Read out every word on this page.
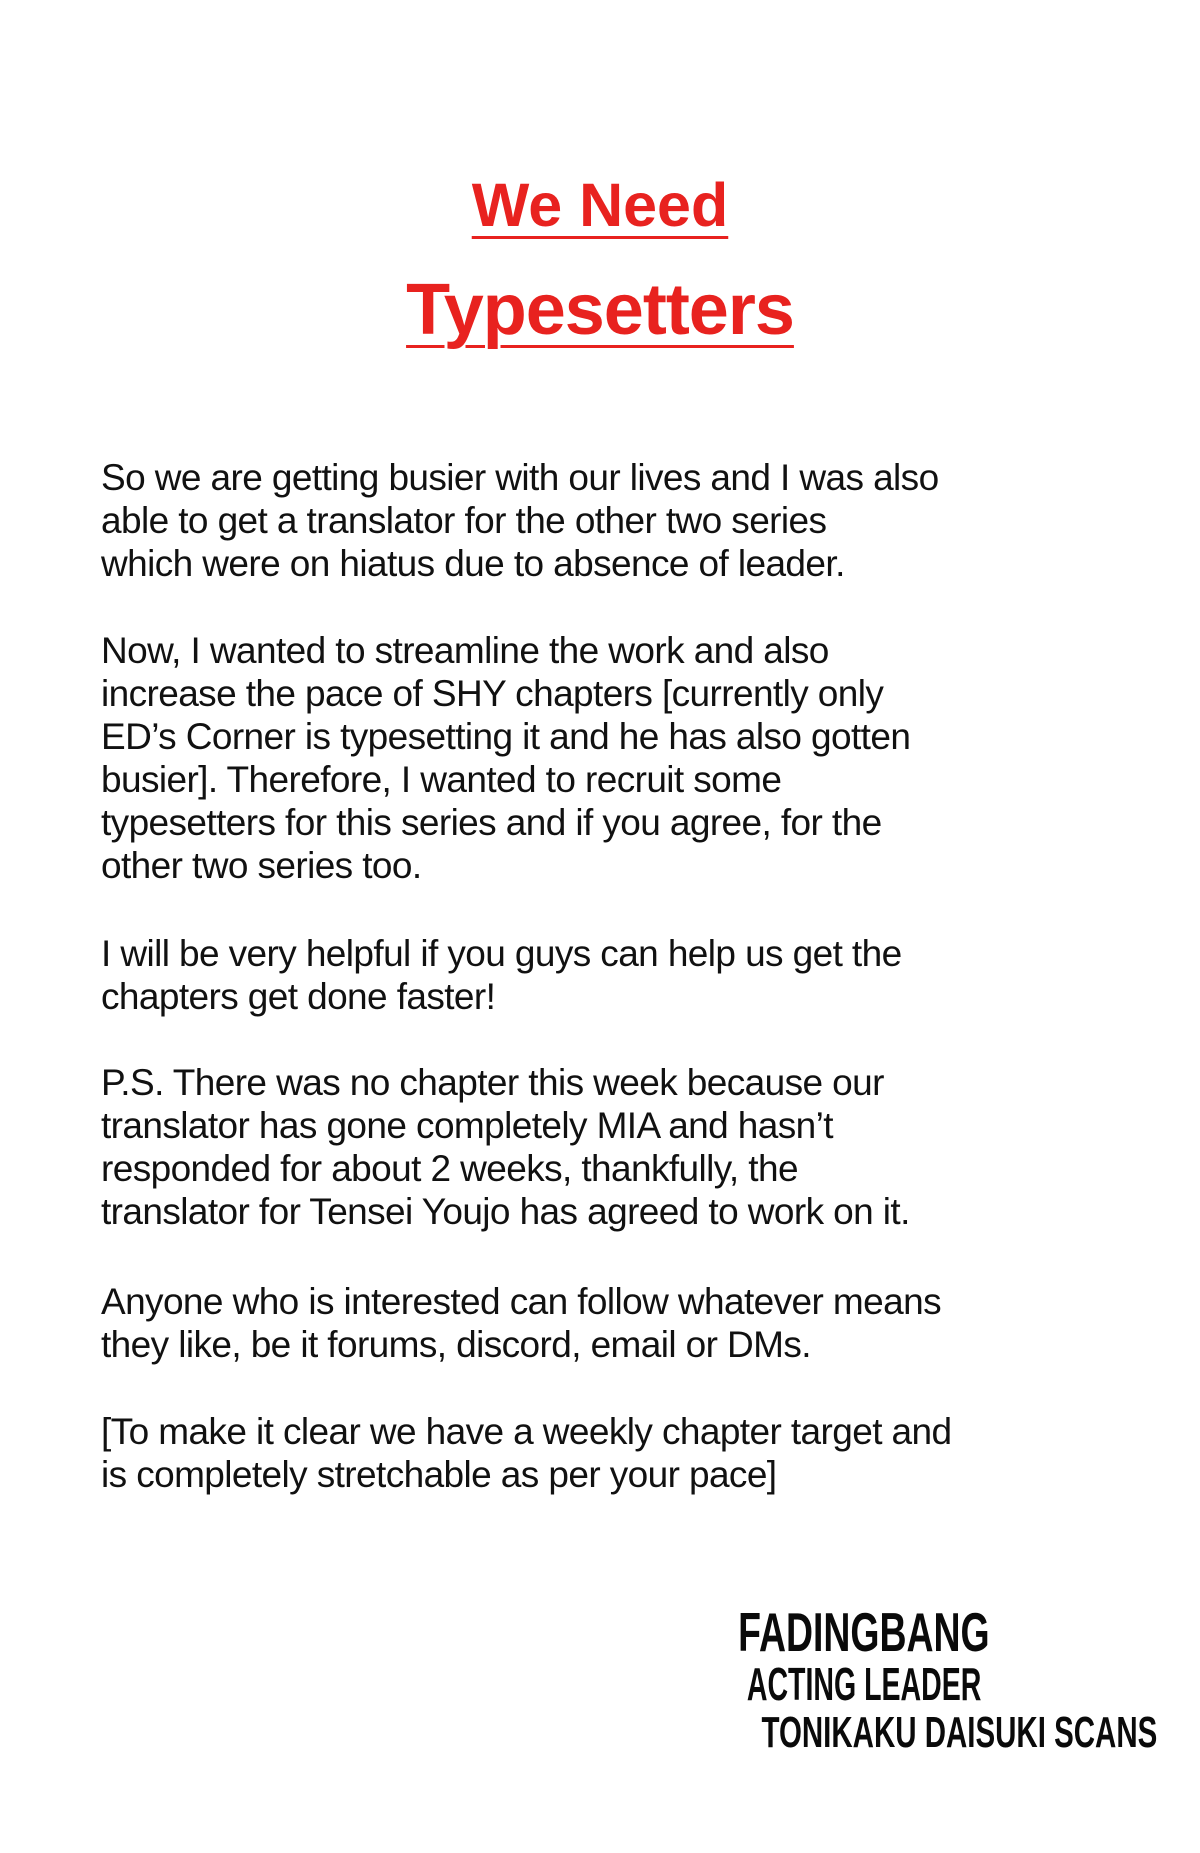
We Need
Typesetters

So we are getting busier with our lives and I was also
able to get a translator for the other two series
which were on hiatus due to absence of leader.

Now, I wanted to streamline the work and also
increase the pace of SHY chapters [currently only
ED’s Corner is typesetting it and he has also gotten
busier]. Therefore, I wanted to recruit some
typesetters for this series and if you agree, for the
other two series too.

I will be very helpful if you guys can help us get the
chapters get done faster!

P.S. There was no chapter this week because our
translator has gone completely MIA and hasn’t
responded for about 2 weeks, thankfully, the
translator for Tensei Youjo has agreed to work on it.

Anyone who is interested can follow whatever means
they like, be it forums, discord, email or DMs.

[To make it clear we have a weekly chapter target and
is completely stretchable as per your pace]

FADINGBANG
ACTING LEADER
TONIKAKU DAISUKI SCANS
